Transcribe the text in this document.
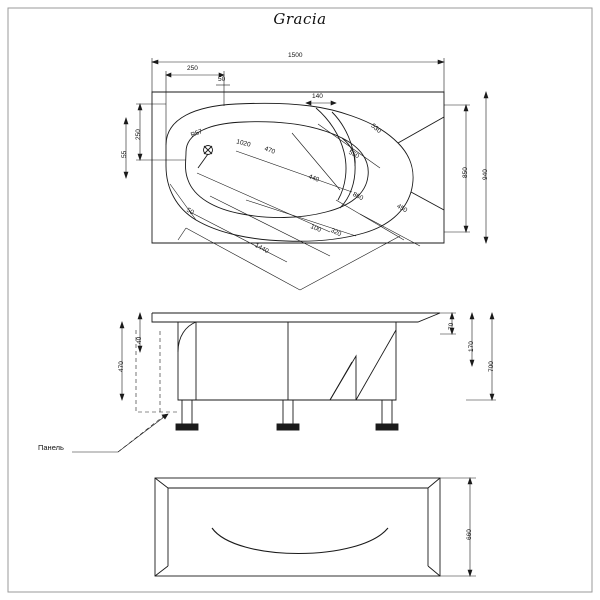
Gracia
1500
250
50
140
250
55
R57
1020
470	550
530
440
860
100 320
450
50
1440
850 940
470
40
70
170
700
Панель
660
